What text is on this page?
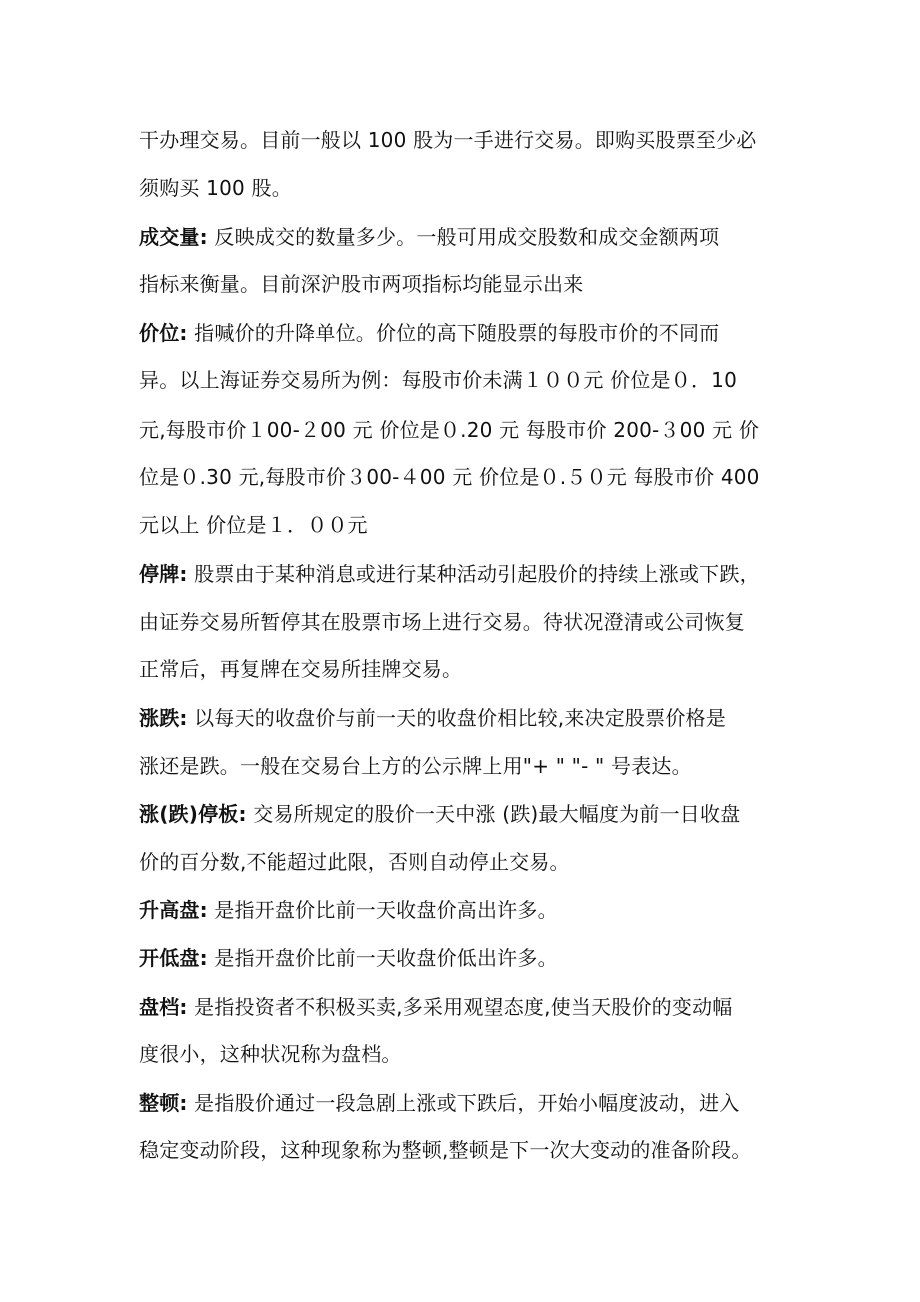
干办理交易。目前一般以 100 股为一手进行交易。即购买股票至少必
须购买 100 股。
成交量: 反映成交的数量多少。一般可用成交股数和成交金额两项
指标来衡量。目前深沪股市两项指标均能显示出来
价位: 指喊价的升降单位。价位的高下随股票的每股市价的不同而
异。以上海证券交易所为例：每股市价未满１００元 价位是０．10
元,每股市价１00-２00 元 价位是０.20 元 每股市价 200-３00 元 价
位是０.30 元,每股市价３00-４00 元 价位是０.５０元 每股市价 400
元以上 价位是１．００元
停牌: 股票由于某种消息或进行某种活动引起股价的持续上涨或下跌，
由证券交易所暂停其在股票市场上进行交易。待状况澄清或公司恢复
正常后，再复牌在交易所挂牌交易。
涨跌: 以每天的收盘价与前一天的收盘价相比较,来决定股票价格是
涨还是跌。一般在交易台上方的公示牌上用"+ " "- " 号表达。
涨(跌)停板: 交易所规定的股价一天中涨 (跌)最大幅度为前一日收盘
价的百分数,不能超过此限，否则自动停止交易。
升高盘: 是指开盘价比前一天收盘价高出许多。
开低盘: 是指开盘价比前一天收盘价低出许多。
盘档: 是指投资者不积极买卖,多采用观望态度,使当天股价的变动幅
度很小，这种状况称为盘档。
整顿: 是指股价通过一段急剧上涨或下跌后，开始小幅度波动，进入
稳定变动阶段，这种现象称为整顿,整顿是下一次大变动的准备阶段。
